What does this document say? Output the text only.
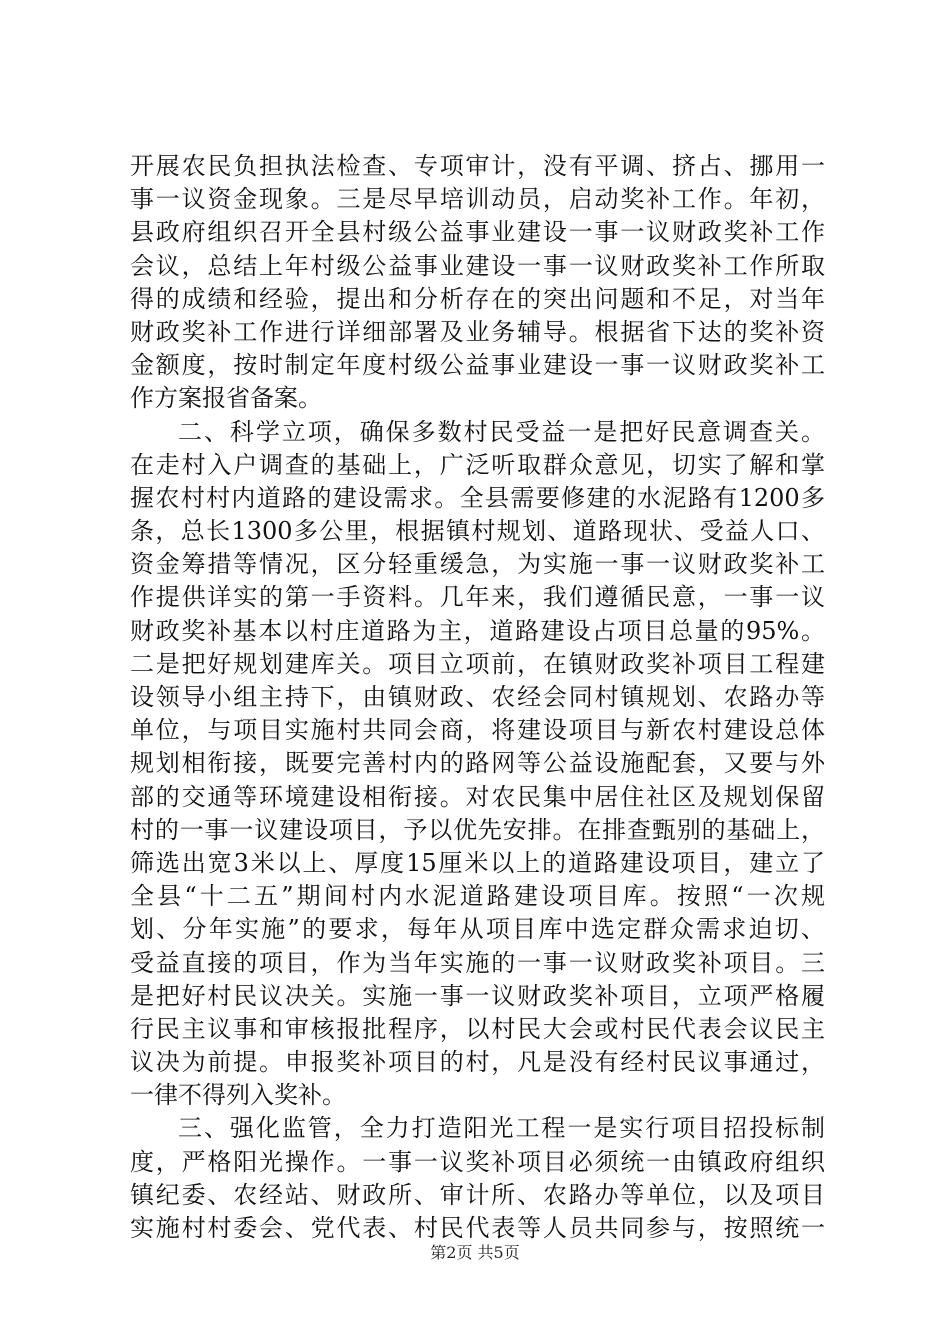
开展农民负担执法检查、专项审计，没有平调、挤占、挪用一
事一议资金现象。三是尽早培训动员，启动奖补工作。年初，
县政府组织召开全县村级公益事业建设一事一议财政奖补工作
会议，总结上年村级公益事业建设一事一议财政奖补工作所取
得的成绩和经验，提出和分析存在的突出问题和不足，对当年
财政奖补工作进行详细部署及业务辅导。根据省下达的奖补资
金额度，按时制定年度村级公益事业建设一事一议财政奖补工
作方案报省备案。
二、科学立项，确保多数村民受益一是把好民意调查关。
在走村入户调查的基础上，广泛听取群众意见，切实了解和掌
握农村村内道路的建设需求。全县需要修建的水泥路有1200多
条，总长1300多公里，根据镇村规划、道路现状、受益人口、
资金筹措等情况，区分轻重缓急，为实施一事一议财政奖补工
作提供详实的第一手资料。几年来，我们遵循民意，一事一议
财政奖补基本以村庄道路为主，道路建设占项目总量的95%。
二是把好规划建库关。项目立项前，在镇财政奖补项目工程建
设领导小组主持下，由镇财政、农经会同村镇规划、农路办等
单位，与项目实施村共同会商，将建设项目与新农村建设总体
规划相衔接，既要完善村内的路网等公益设施配套，又要与外
部的交通等环境建设相衔接。对农民集中居住社区及规划保留
村的一事一议建设项目，予以优先安排。在排查甄别的基础上，
筛选出宽3米以上、厚度15厘米以上的道路建设项目，建立了
全县“十二五”期间村内水泥道路建设项目库。按照“一次规
划、分年实施”的要求，每年从项目库中选定群众需求迫切、
受益直接的项目，作为当年实施的一事一议财政奖补项目。三
是把好村民议决关。实施一事一议财政奖补项目，立项严格履
行民主议事和审核报批程序，以村民大会或村民代表会议民主
议决为前提。申报奖补项目的村，凡是没有经村民议事通过，
一律不得列入奖补。
三、强化监管，全力打造阳光工程一是实行项目招投标制
度，严格阳光操作。一事一议奖补项目必须统一由镇政府组织
镇纪委、农经站、财政所、审计所、农路办等单位，以及项目
实施村村委会、党代表、村民代表等人员共同参与，按照统一
第2页 共5页
